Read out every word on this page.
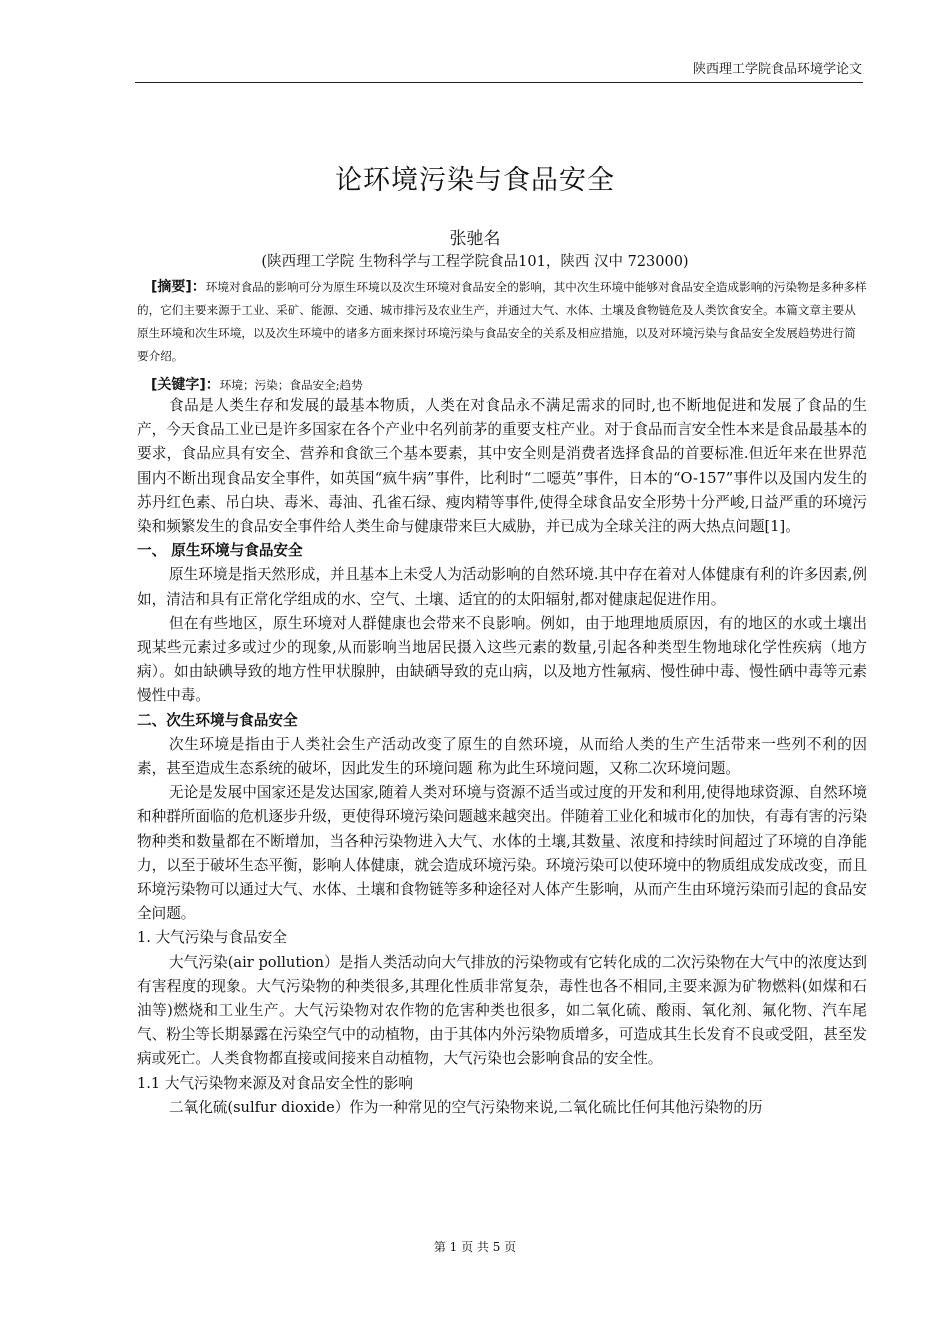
陕西理工学院食品环境学论文
论环境污染与食品安全
张驰名
(陕西理工学院 生物科学与工程学院食品101，陕西 汉中 723000)
[摘要]：环境对食品的影响可分为原生环境以及次生环境对食品安全的影响，其中次生环境中能够对食品安全造成影响的污染物是多种多样的，它们主要来源于工业、采矿、能源、交通、城市排污及农业生产，并通过大气、水体、土壤及食物链危及人类饮食安全。本篇文章主要从原生环境和次生环境，以及次生环境中的诸多方面来探讨环境污染与食品安全的关系及相应措施，以及对环境污染与食品安全发展趋势进行简要介绍。
[关键字]：环境；污染；食品安全;趋势

食品是人类生存和发展的最基本物质，人类在对食品永不满足需求的同时,也不断地促进和发展了食品的生产，今天食品工业已是许多国家在各个产业中名列前茅的重要支柱产业。对于食品而言安全性本来是食品最基本的要求，食品应具有安全、营养和食欲三个基本要素，其中安全则是消费者选择食品的首要标准.但近年来在世界范围内不断出现食品安全事件，如英国“疯牛病”事件，比利时“二噁英”事件，日本的“O-157”事件以及国内发生的苏丹红色素、吊白块、毒米、毒油、孔雀石绿、瘦肉精等事件,使得全球食品安全形势十分严峻,日益严重的环境污染和频繁发生的食品安全事件给人类生命与健康带来巨大威胁，并已成为全球关注的两大热点问题[1]。

一、 原生环境与食品安全

原生环境是指天然形成，并且基本上未受人为活动影响的自然环境.其中存在着对人体健康有利的许多因素,例如，清洁和具有正常化学组成的水、空气、土壤、适宜的的太阳辐射,都对健康起促进作用。

但在有些地区，原生环境对人群健康也会带来不良影响。例如，由于地理地质原因，有的地区的水或土壤出现某些元素过多或过少的现象,从而影响当地居民摄入这些元素的数量,引起各种类型生物地球化学性疾病（地方病）。如由缺碘导致的地方性甲状腺肿，由缺硒导致的克山病，以及地方性氟病、慢性砷中毒、慢性硒中毒等元素慢性中毒。

二、次生环境与食品安全

次生环境是指由于人类社会生产活动改变了原生的自然环境，从而给人类的生产生活带来一些列不利的因素，甚至造成生态系统的破坏，因此发生的环境问题 称为此生环境问题，又称二次环境问题。

无论是发展中国家还是发达国家,随着人类对环境与资源不适当或过度的开发和利用,使得地球资源、自然环境和种群所面临的危机逐步升级，更使得环境污染问题越来越突出。伴随着工业化和城市化的加快，有毒有害的污染物种类和数量都在不断增加，当各种污染物进入大气、水体的土壤,其数量、浓度和持续时间超过了环境的自净能力，以至于破坏生态平衡，影响人体健康，就会造成环境污染。环境污染可以使环境中的物质组成发成改变，而且环境污染物可以通过大气、水体、土壤和食物链等多种途径对人体产生影响，从而产生由环境污染而引起的食品安全问题。

1. 大气污染与食品安全

大气污染(air pollution）是指人类活动向大气排放的污染物或有它转化成的二次污染物在大气中的浓度达到有害程度的现象。大气污染物的种类很多,其理化性质非常复杂，毒性也各不相同,主要来源为矿物燃料(如煤和石油等)燃烧和工业生产。大气污染物对农作物的危害种类也很多，如二氧化硫、酸雨、氧化剂、氟化物、汽车尾气、粉尘等长期暴露在污染空气中的动植物，由于其体内外污染物质增多，可造成其生长发育不良或受阻，甚至发病或死亡。人类食物都直接或间接来自动植物，大气污染也会影响食品的安全性。

1.1 大气污染物来源及对食品安全性的影响

二氧化硫(sulfur dioxide）作为一种常见的空气污染物来说,二氧化硫比任何其他污染物的历

第 1 页 共 5 页
